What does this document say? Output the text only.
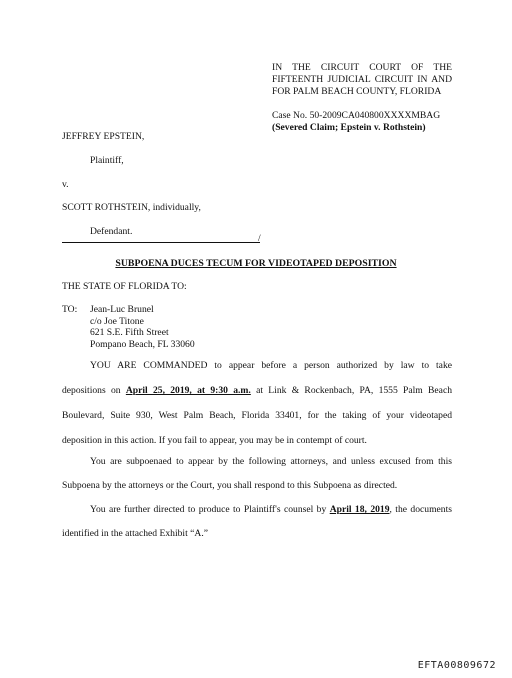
IN THE CIRCUIT COURT OF THE
FIFTEENTH JUDICIAL CIRCUIT IN AND
FOR PALM BEACH COUNTY, FLORIDA
Case No. 50-2009CA040800XXXXMBAG
(Severed Claim; Epstein v. Rothstein)
JEFFREY EPSTEIN,
Plaintiff,
v.
SCOTT ROTHSTEIN, individually,
Defendant.
/
SUBPOENA DUCES TECUM FOR VIDEOTAPED DEPOSITION
THE STATE OF FLORIDA TO:
TO: Jean-Luc Brunel
c/o Joe Titone
621 S.E. Fifth Street
Pompano Beach, FL 33060
YOU ARE COMMANDED to appear before a person authorized by law to take
depositions on April 25, 2019, at 9:30 a.m. at Link & Rockenbach, PA, 1555 Palm Beach
Boulevard, Suite 930, West Palm Beach, Florida 33401, for the taking of your videotaped
deposition in this action. If you fail to appear, you may be in contempt of court.
You are subpoenaed to appear by the following attorneys, and unless excused from this
Subpoena by the attorneys or the Court, you shall respond to this Subpoena as directed.
You are further directed to produce to Plaintiff's counsel by April 18, 2019, the documents
identified in the attached Exhibit “A.”
EFTA00809672
